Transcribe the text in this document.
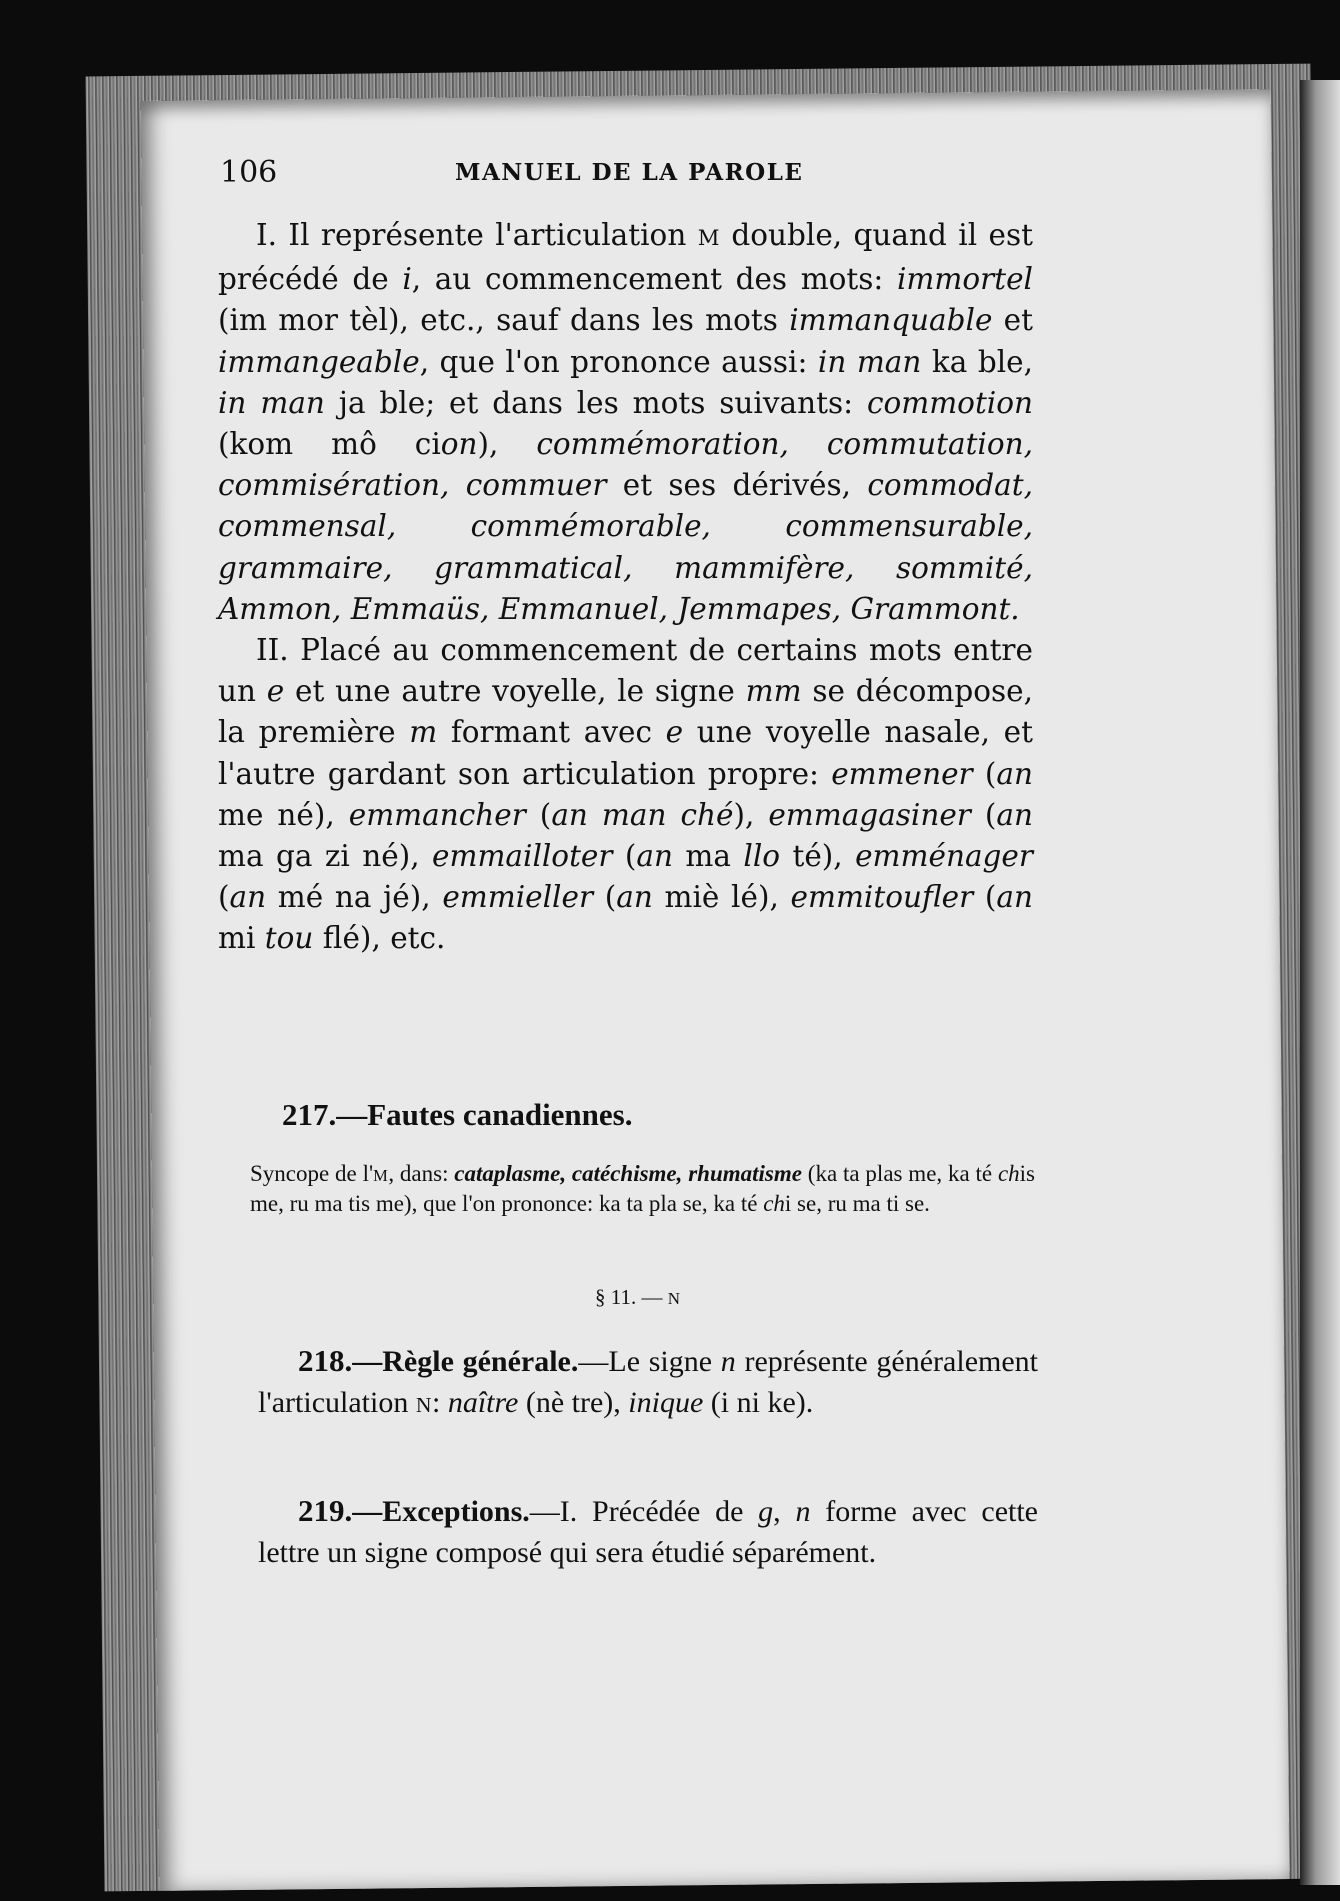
106	MANUEL DE LA PAROLE

I. Il représente l'articulation M double, quand il est précédé de i, au commencement des mots: immortel (im mor tèl), etc., sauf dans les mots immanquable et immangeable, que l'on prononce aussi: in man ka ble, in man ja ble; et dans les mots suivants: commotion (kom mô cion), commémoration, commutation, commisération, commuer et ses dérivés, commodat, commensal, commémorable, commensurable, grammaire, grammatical, mammifère, sommité, Ammon, Emmaüs, Emmanuel, Jemmapes, Grammont.

II. Placé au commencement de certains mots entre un e et une autre voyelle, le signe mm se décompose, la première m formant avec e une voyelle nasale, et l'autre gardant son articulation propre: emmener (an me né), emmancher (an man ché), emmagasiner (an ma ga zi né), emmailloter (an ma llo té), emménager (an mé na jé), emmieller (an miè lé), emmitoufler (an mi tou flé), etc.

217.—Fautes canadiennes.

Syncope de l'M, dans: cataplasme, catéchisme, rhumatisme (ka ta plas me, ka té chis me, ru ma tis me), que l'on prononce: ka ta pla se, ka té chi se, ru ma ti se.

§ 11. — N
218.—Règle générale.—Le signe n représente généralement l'articulation N: naître (nè tre), inique (i ni ke).
219.—Exceptions.—I. Précédée de g, n forme avec cette lettre un signe composé qui sera étudié séparément.
